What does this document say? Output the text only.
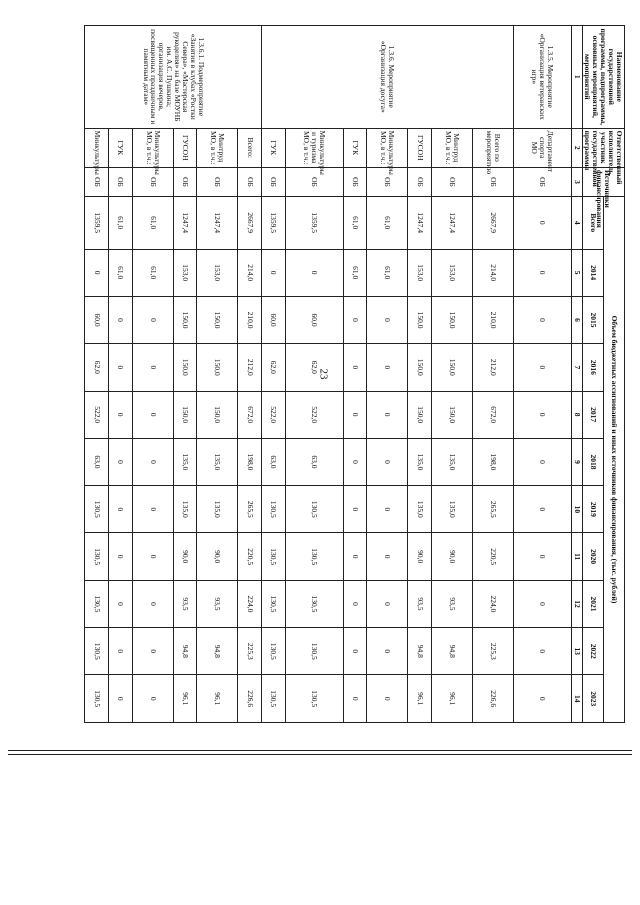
23
Наименование государственной программы, подпрограммы, основных мероприятий, мероприятий	Ответственный исполнитель, участник государственной программы	Источники финансирования	Объем бюджетных ассигнований и иных источников финансирования, (тыс. рублей)										
			Всего	2014	2015	2016	2017	2018	2019	2020	2021	2022	2023
1	2	3	4	5	6	7	8	9	10	11	12	13	14
1.3.5. Мероприятие «Организация ветеранских игр»	Департамент спорта МО	ОБ	0	0	0	0	0	0	0	0	0	0	0
1.3.6. Мероприятие «Организация досуга»	Всего по мероприятию	ОБ	2667,9	214,0	210,0	212,0	672,0	198,0	265,5	220,5	224,0	225,3	226,6
	Минтруд МО, в т.ч.:	ОБ	1247,4	153,0	150,0	150,0	150,0	135,0	135,0	90,0	93,5	94,8	96,1
	ГУСОН	ОБ	1247,4	153,0	150,0	150,0	150,0	135,0	135,0	90,0	93,5	94,8	96,1
	Минкультуры МО, в т.ч.:	ОБ	61,0	61,0	0	0	0	0	0	0	0	0	0
	ГУК	ОБ	61,0	61,0	0	0	0	0	0	0	0	0	0
	Минкультуры и туризма МО, в т.ч.:	ОБ	1359,5	0	60,0	62,0	522,0	63,0	130,5	130,5	130,5	130,5	130,5
	ГУК	ОБ	1359,5	0	60,0	62,0	522,0	63,0	130,5	130,5	130,5	130,5	130,5
1.3.6.1. Подмероприятие «Занятия в клубах «Ростки Севера», «Мастерская рукоделия» на базе МОУНБ им. А.С. Пушкина; организация вечеров, посвященных праздничным и памятным датам»	Всего:	ОБ	2667,9	214,0	210,0	212,0	672,0	198,0	265,5	220,5	224,0	225,3	226,6
	Минтруд МО, в т.ч.:	ОБ	1247,4	153,0	150,0	150,0	150,0	135,0	135,0	90,0	93,5	94,8	96,1
	ГУСОН	ОБ	1247,4	153,0	150,0	150,0	150,0	135,0	135,0	90,0	93,5	94,8	96,1
	Минкультуры МО, в т.ч.:	ОБ	61,0	61,0	0	0	0	0	0	0	0	0	0
	ГУК	ОБ	61,0	61,0	0	0	0	0	0	0	0	0	0
	Минкультуры	ОБ	1359,5	0	60,0	62,0	522,0	63,0	130,5	130,5	130,5	130,5	130,5
